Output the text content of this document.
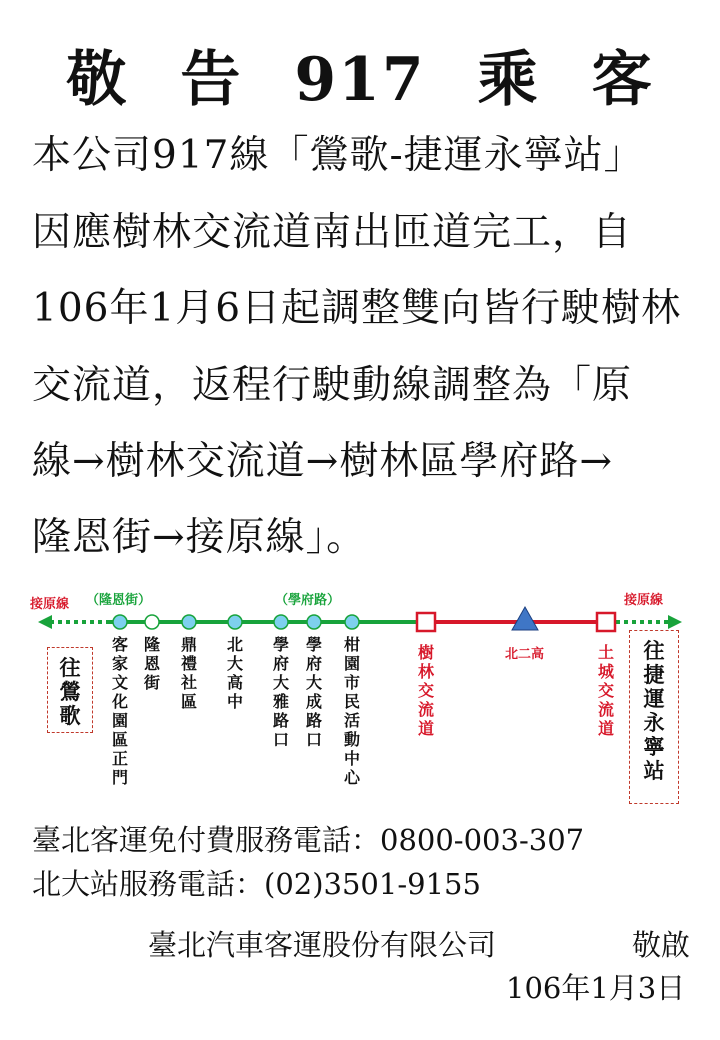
敬 告 917 乘 客
本公司917線「鶯歌-捷運永寧站」
因應樹林交流道南出匝道完工，自
106年1月6日起調整雙向皆行駛樹林
交流道，返程行駛動線調整為「原
線→樹林交流道→樹林區學府路→
隆恩街→接原線」。
接原線	接原線
（隆恩街）	（學府路）
北二高
往鶯歌
往捷運永寧站
客家文化園區正門
隆恩街
鼎禮社區
北大高中
學府大雅路口
學府大成路口
柑園市民活動中心
樹林交流道
土城交流道
臺北客運免付費服務電話：0800-003-307
北大站服務電話：(02)3501-9155
臺北汽車客運股份有限公司	敬啟
106年1月3日
